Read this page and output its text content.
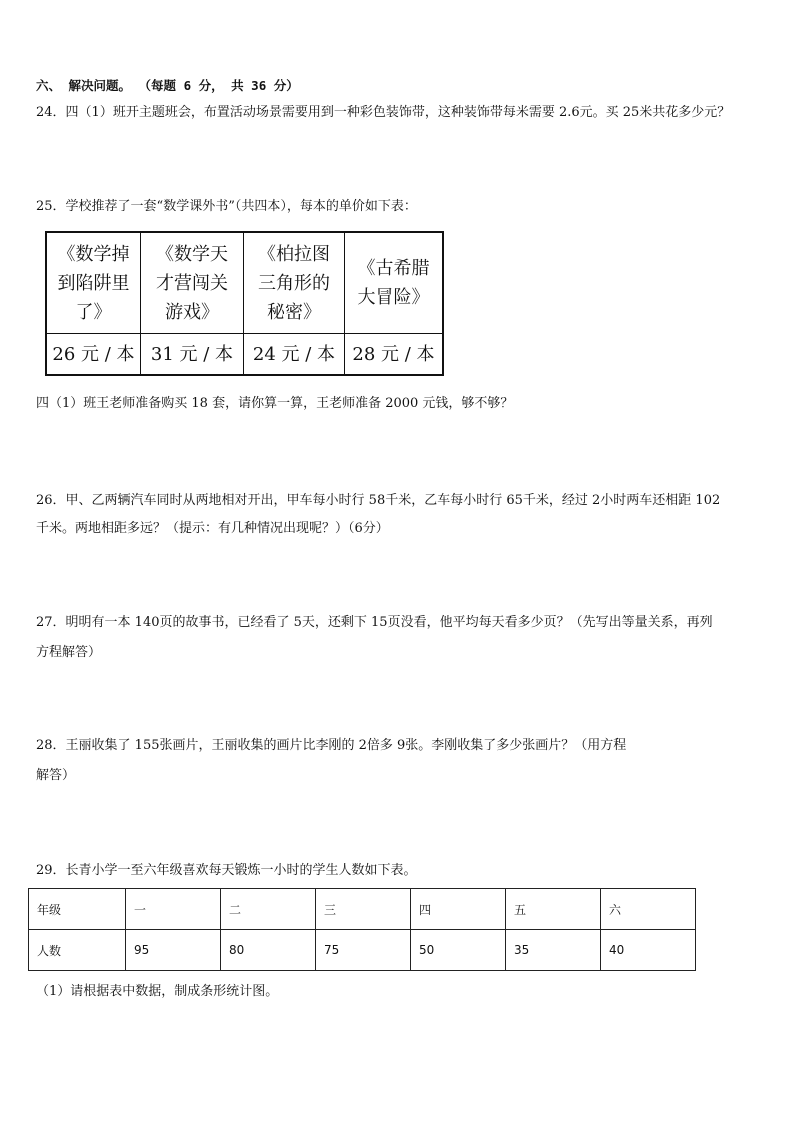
六、 解决问题。 （每题 6 分， 共 36 分）
24．四（1）班开主题班会，布置活动场景需要用到一种彩色装饰带，这种装饰带每米需要 2.6元。买 25米共花多少元？
25．学校推荐了一套“数学课外书”（共四本），每本的单价如下表：
《数学掉到陷阱里了》	《数学天才营闯关游戏》	《柏拉图三角形的秘密》	《古希腊大冒险》
26 元 / 本	31 元 / 本	24 元 / 本	28 元 / 本
四（1）班王老师准备购买 18 套，请你算一算，王老师准备 2000 元钱，够不够？
26．甲、乙两辆汽车同时从两地相对开出，甲车每小时行 58千米，乙车每小时行 65千米，经过 2小时两车还相距 102
千米。两地相距多远？（提示：有几种情况出现呢？）（6分）
27．明明有一本 140页的故事书，已经看了 5天，还剩下 15页没看，他平均每天看多少页？（先写出等量关系，再列
方程解答）
28．王丽收集了 155张画片，王丽收集的画片比李刚的 2倍多 9张。李刚收集了多少张画片？（用方程
解答）
29．长青小学一至六年级喜欢每天锻炼一小时的学生人数如下表。
年级	一	二	三	四	五	六
人数	95	80	75	50	35	40
（1）请根据表中数据，制成条形统计图。
